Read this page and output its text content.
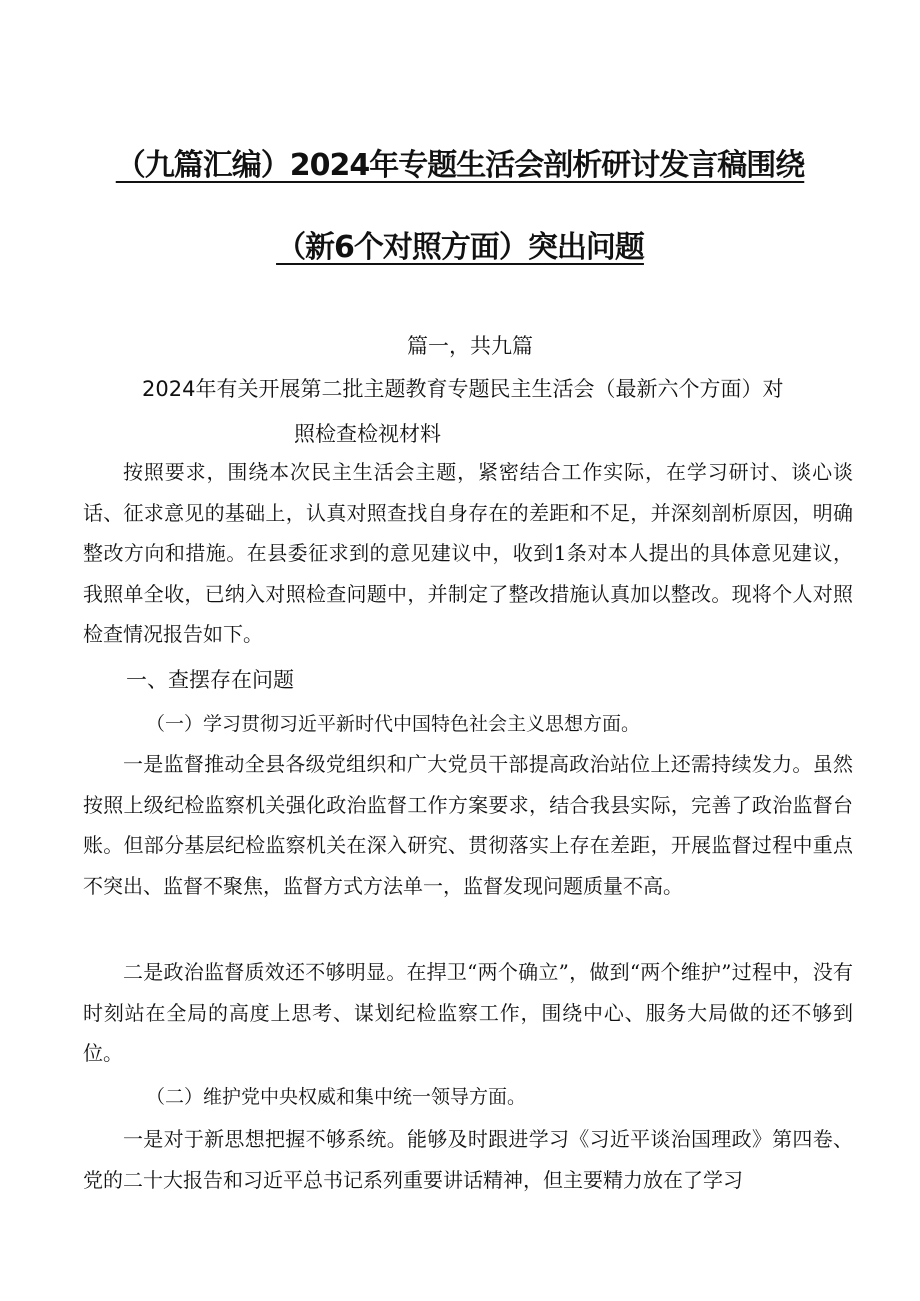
（九篇汇编）2024年专题生活会剖析研讨发言稿围绕
（新6个对照方面）突出问题
篇一，共九篇
2024年有关开展第二批主题教育专题民主生活会（最新六个方面）对
照检查检视材料

按照要求，围绕本次民主生活会主题，紧密结合工作实际，在学习研讨、谈心谈话、征求意见的基础上，认真对照查找自身存在的差距和不足，并深刻剖析原因，明确整改方向和措施。在县委征求到的意见建议中，收到1条对本人提出的具体意见建议，我照单全收，已纳入对照检查问题中，并制定了整改措施认真加以整改。现将个人对照检查情况报告如下。

一、查摆存在问题

（一）学习贯彻习近平新时代中国特色社会主义思想方面。

一是监督推动全县各级党组织和广大党员干部提高政治站位上还需持续发力。虽然按照上级纪检监察机关强化政治监督工作方案要求，结合我县实际，完善了政治监督台账。但部分基层纪检监察机关在深入研究、贯彻落实上存在差距，开展监督过程中重点不突出、监督不聚焦，监督方式方法单一，监督发现问题质量不高。

二是政治监督质效还不够明显。在捍卫“两个确立”，做到“两个维护”过程中，没有时刻站在全局的高度上思考、谋划纪检监察工作，围绕中心、服务大局做的还不够到位。

（二）维护党中央权威和集中统一领导方面。

一是对于新思想把握不够系统。能够及时跟进学习《习近平谈治国理政》第四卷、党的二十大报告和习近平总书记系列重要讲话精神，但主要精力放在了学习
